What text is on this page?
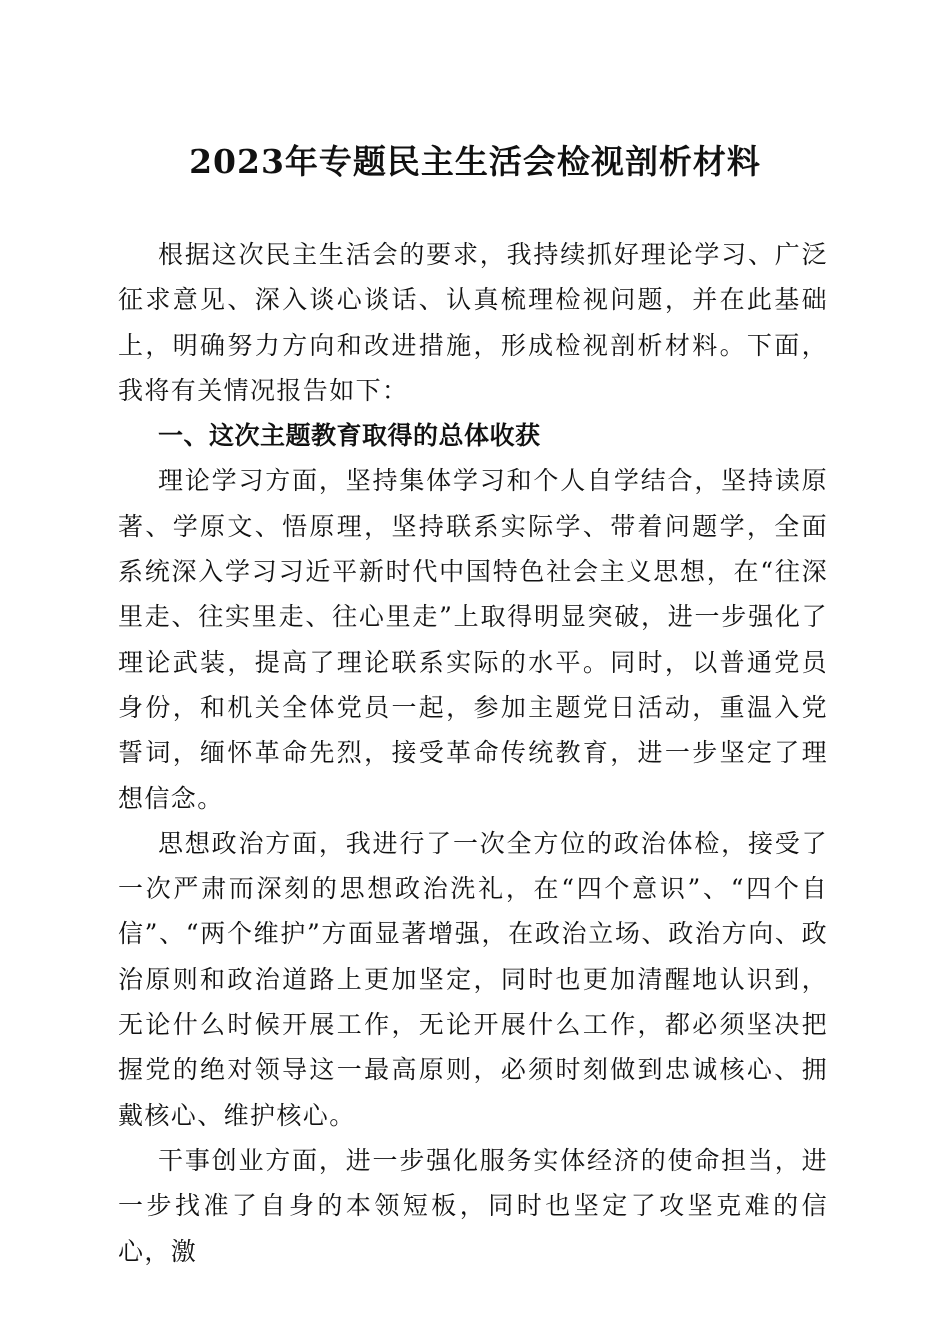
2023年专题民主生活会检视剖析材料

根据这次民主生活会的要求，我持续抓好理论学习、广泛征求意见、深入谈心谈话、认真梳理检视问题，并在此基础上，明确努力方向和改进措施，形成检视剖析材料。下面，我将有关情况报告如下：

一、这次主题教育取得的总体收获

理论学习方面，坚持集体学习和个人自学结合，坚持读原著、学原文、悟原理，坚持联系实际学、带着问题学，全面系统深入学习习近平新时代中国特色社会主义思想，在“往深里走、往实里走、往心里走”上取得明显突破，进一步强化了理论武装，提高了理论联系实际的水平。同时，以普通党员身份，和机关全体党员一起，参加主题党日活动，重温入党誓词，缅怀革命先烈，接受革命传统教育，进一步坚定了理想信念。

思想政治方面，我进行了一次全方位的政治体检，接受了一次严肃而深刻的思想政治洗礼，在“四个意识”、“四个自信”、“两个维护”方面显著增强，在政治立场、政治方向、政治原则和政治道路上更加坚定，同时也更加清醒地认识到，无论什么时候开展工作，无论开展什么工作，都必须坚决把握党的绝对领导这一最高原则，必须时刻做到忠诚核心、拥戴核心、维护核心。

干事创业方面，进一步强化服务实体经济的使命担当，进一步找准了自身的本领短板，同时也坚定了攻坚克难的信心，激
